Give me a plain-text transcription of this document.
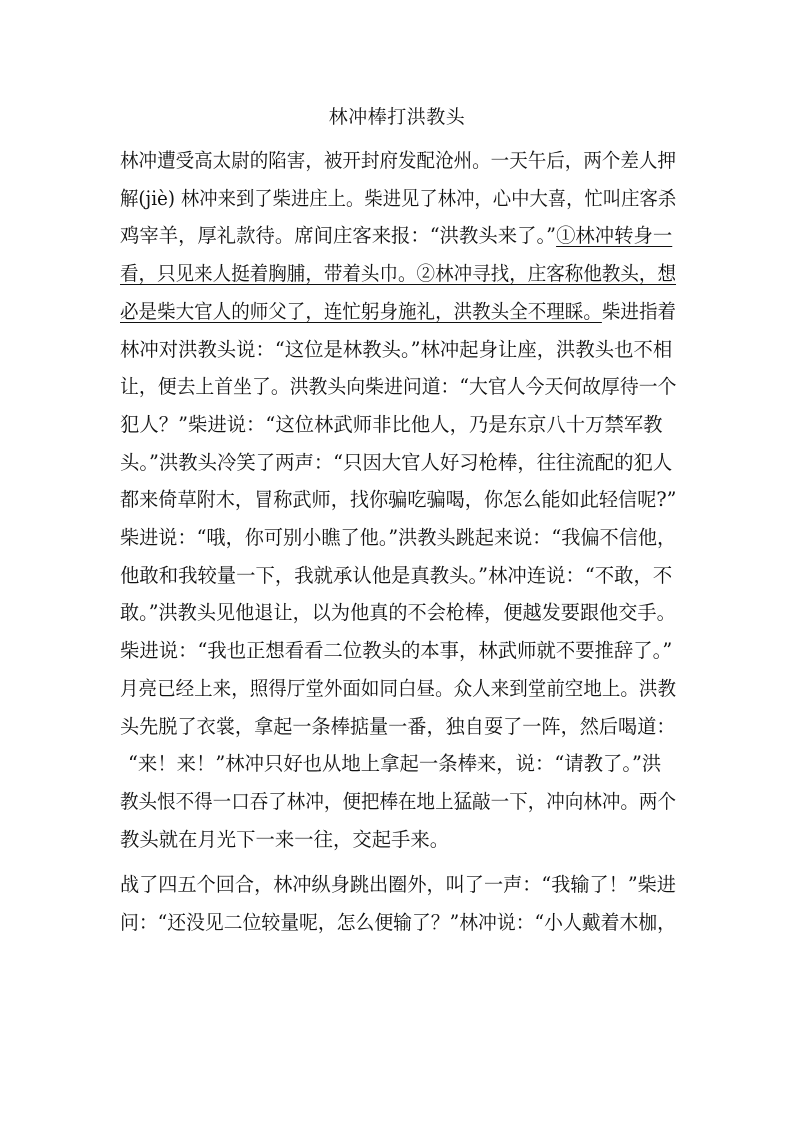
林冲棒打洪教头
林冲遭受高太尉的陷害，被开封府发配沧州。一天午后，两个差人押
解(jiè) 林冲来到了柴进庄上。柴进见了林冲，心中大喜，忙叫庄客杀
鸡宰羊，厚礼款待。席间庄客来报：“洪教头来了。”①林冲转身一
看，只见来人挺着胸脯，带着头巾。②林冲寻找，庄客称他教头，想
必是柴大官人的师父了，连忙躬身施礼，洪教头全不理睬。柴进指着
林冲对洪教头说：“这位是林教头。”林冲起身让座，洪教头也不相
让，便去上首坐了。洪教头向柴进问道：“大官人今天何故厚待一个
犯人？”柴进说：“这位林武师非比他人，乃是东京八十万禁军教
头。”洪教头冷笑了两声：“只因大官人好习枪棒，往往流配的犯人
都来倚草附木，冒称武师，找你骗吃骗喝，你怎么能如此轻信呢?”
柴进说：“哦，你可别小瞧了他。”洪教头跳起来说：“我偏不信他，
他敢和我较量一下，我就承认他是真教头。”林冲连说：“不敢，不
敢。”洪教头见他退让，以为他真的不会枪棒，便越发要跟他交手。
柴进说：“我也正想看看二位教头的本事，林武师就不要推辞了。”
月亮已经上来，照得厅堂外面如同白昼。众人来到堂前空地上。洪教
头先脱了衣裳，拿起一条棒掂量一番，独自耍了一阵，然后喝道：
“来！来！”林冲只好也从地上拿起一条棒来，说：“请教了。”洪
教头恨不得一口吞了林冲，便把棒在地上猛敲一下，冲向林冲。两个
教头就在月光下一来一往，交起手来。
战了四五个回合，林冲纵身跳出圈外，叫了一声：“我输了！”柴进
问：“还没见二位较量呢，怎么便输了？”林冲说：“小人戴着木枷，
